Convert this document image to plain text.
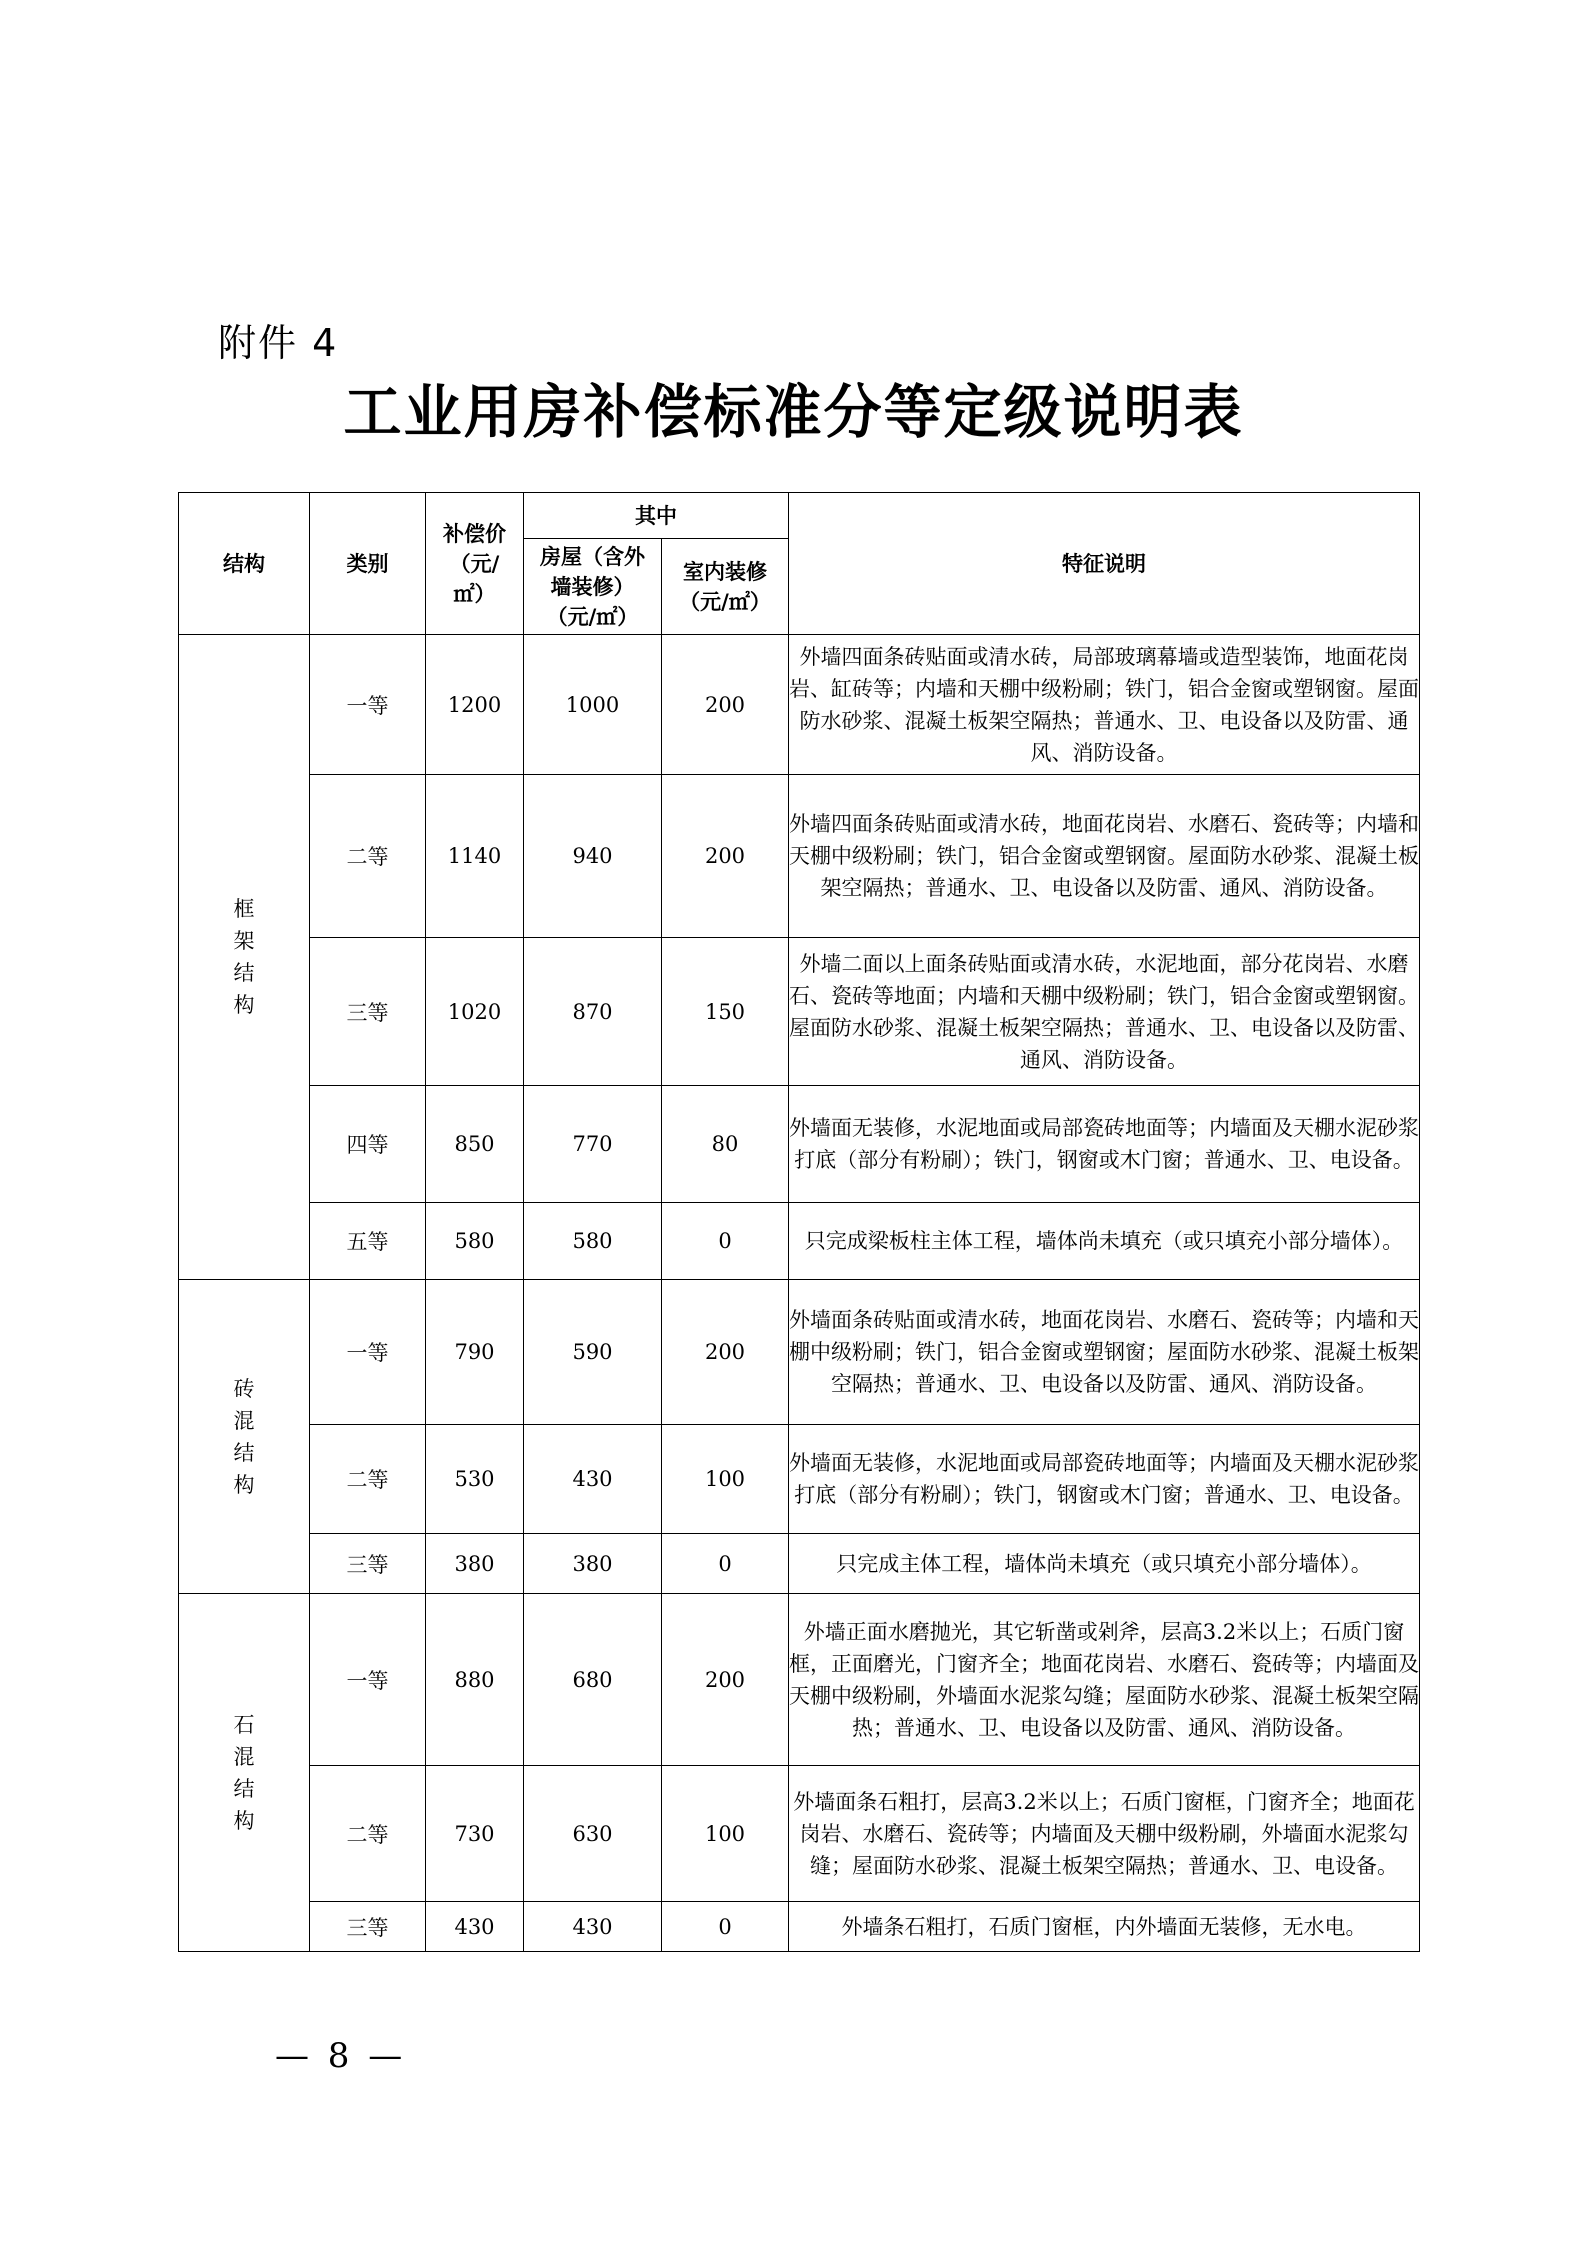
附件 4
工业用房补偿标准分等定级说明表
结构	类别	补偿价（元/㎡）	其中		特征说明
			房屋（含外墙装修）（元/㎡）	室内装修（元/㎡）	
框架结构	一等	1200	1000	200	外墙四面条砖贴面或清水砖，局部玻璃幕墙或造型装饰，地面花岗岩、缸砖等；内墙和天棚中级粉刷；铁门，铝合金窗或塑钢窗。屋面防水砂浆、混凝土板架空隔热；普通水、卫、电设备以及防雷、通风、消防设备。
	二等	1140	940	200	外墙四面条砖贴面或清水砖，地面花岗岩、水磨石、瓷砖等；内墙和天棚中级粉刷；铁门，铝合金窗或塑钢窗。屋面防水砂浆、混凝土板架空隔热；普通水、卫、电设备以及防雷、通风、消防设备。
	三等	1020	870	150	外墙二面以上面条砖贴面或清水砖，水泥地面，部分花岗岩、水磨石、瓷砖等地面；内墙和天棚中级粉刷；铁门，铝合金窗或塑钢窗。屋面防水砂浆、混凝土板架空隔热；普通水、卫、电设备以及防雷、通风、消防设备。
	四等	850	770	80	外墙面无装修，水泥地面或局部瓷砖地面等；内墙面及天棚水泥砂浆打底（部分有粉刷）；铁门，钢窗或木门窗；普通水、卫、电设备。
	五等	580	580	0	只完成梁板柱主体工程，墙体尚未填充（或只填充小部分墙体）。
砖混结构	一等	790	590	200	外墙面条砖贴面或清水砖，地面花岗岩、水磨石、瓷砖等；内墙和天棚中级粉刷；铁门，铝合金窗或塑钢窗；屋面防水砂浆、混凝土板架空隔热；普通水、卫、电设备以及防雷、通风、消防设备。
	二等	530	430	100	外墙面无装修，水泥地面或局部瓷砖地面等；内墙面及天棚水泥砂浆打底（部分有粉刷）；铁门，钢窗或木门窗；普通水、卫、电设备。
	三等	380	380	0	只完成主体工程，墙体尚未填充（或只填充小部分墙体）。
石混结构	一等	880	680	200	外墙正面水磨抛光，其它斩凿或剁斧，层高3.2米以上；石质门窗框，正面磨光，门窗齐全；地面花岗岩、水磨石、瓷砖等；内墙面及天棚中级粉刷，外墙面水泥浆勾缝；屋面防水砂浆、混凝土板架空隔热；普通水、卫、电设备以及防雷、通风、消防设备。
	二等	730	630	100	外墙面条石粗打，层高3.2米以上；石质门窗框，门窗齐全；地面花岗岩、水磨石、瓷砖等；内墙面及天棚中级粉刷，外墙面水泥浆勾缝；屋面防水砂浆、混凝土板架空隔热；普通水、卫、电设备。
	三等	430	430	0	外墙条石粗打，石质门窗框，内外墙面无装修，无水电。
— 8 —
